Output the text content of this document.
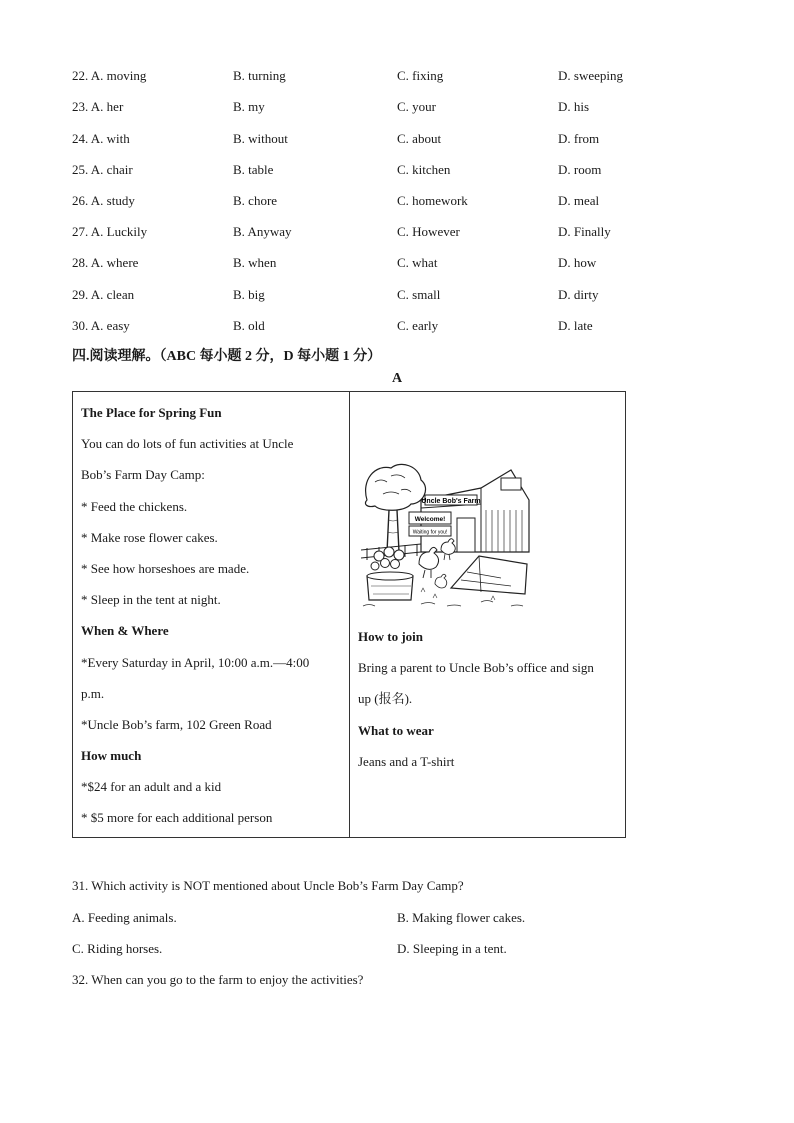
22. A. moving	B. turning	C. fixing	D. sweeping
23. A. her	B. my	C. your	D. his
24. A. with	B. without	C. about	D. from
25. A. chair	B. table	C. kitchen	D. room
26. A. study	B. chore	C. homework	D. meal
27. A. Luckily	B. Anyway	C. However	D. Finally
28. A. where	B. when	C. what	D. how
29. A. clean	B. big	C. small	D. dirty
30. A. easy	B. old	C. early	D. late
四.阅读理解。（ABC 每小题 2 分，D 每小题 1 分）
A
The Place for Spring Fun
You can do lots of fun activities at Uncle
Bob’s Farm Day Camp:
* Feed the chickens.
* Make rose flower cakes.
* See how horseshoes are made.
* Sleep in the tent at night.
When & Where
*Every Saturday in April, 10:00 a.m.—4:00
p.m.
*Uncle Bob’s farm, 102 Green Road
How much
*$24 for an adult and a kid
* $5 more for each additional person
Uncle Bob's Farm
Welcome!
Waiting for you!
How to join
Bring a parent to Uncle Bob’s office and sign
up (报名).
What to wear
Jeans and a T-shirt
31. Which activity is NOT mentioned about Uncle Bob’s Farm Day Camp?
A. Feeding animals.	B. Making flower cakes.
C. Riding horses.	D. Sleeping in a tent.
32. When can you go to the farm to enjoy the activities?
